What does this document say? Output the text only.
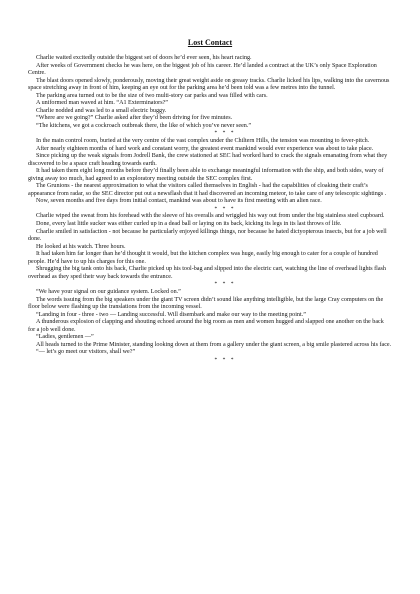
Lost Contact

Charlie waited excitedly outside the biggest set of doors he’d ever seen, his heart racing.

After weeks of Government checks he was here, on the biggest job of his career. He’d landed a contract at the UK’s only Space Exploration Centre.

The blast doors opened slowly, ponderously, moving their great weight aside on greasy tracks. Charlie licked his lips, walking into the cavernous space stretching away in front of him, keeping an eye out for the parking area he’d been told was a few metres into the tunnel.

The parking area turned out to be the size of two multi-story car parks and was filled with cars.

A uniformed man waved at him. “A1 Exterminators?”

Charlie nodded and was led to a small electric buggy.

“Where are we going?” Charlie asked after they’d been driving for five minutes.

“The kitchens, we got a cockroach outbreak there, the like of which you’ve never seen.”

* * *

In the main control room, buried at the very centre of the vast complex under the Chiltern Hills, the tension was mounting to fever-pitch.

After nearly eighteen months of hard work and constant worry, the greatest event mankind would ever experience was about to take place.

Since picking up the weak signals from Jodrell Bank, the crew stationed at SEC had worked hard to crack the signals emanating from what they discovered to be a space craft heading towards earth.

It had taken them eight long months before they’d finally been able to exchange meaningful information with the ship, and both sides, wary of giving away too much, had agreed to an exploratory meeting outside the SEC complex first.

The Grunions - the nearest approximation to what the visitors called themselves in English - had the capabilities of cloaking their craft’s appearance from radar, so the SEC director put out a newsflash that it had discovered an incoming meteor, to take care of any telescopic sightings .

Now, seven months and five days from initial contact, mankind was about to have its first meeting with an alien race.

* * *

Charlie wiped the sweat from his forehead with the sleeve of his overalls and wriggled his way out from under the big stainless steel cupboard.

Done, every last little sucker was either curled up in a dead ball or laying on its back, kicking its legs in its last throws of life.

Charlie smiled in satisfaction - not because he particularly enjoyed killings things, nor because he hated dictyopterous insects, but for a job well done.

He looked at his watch. Three hours.

It had taken him far longer than he’d thought it would, but the kitchen complex was huge, easily big enough to cater for a couple of hundred people. He’d have to up his charges for this one.

Shrugging the big tank onto his back, Charlie picked up his tool-bag and slipped into the electric cart, watching the line of overhead lights flash overhead as they sped their way back towards the entrance.

* * *

“We have your signal on our guidance system. Locked on.”

The words issuing from the big speakers under the giant TV screen didn’t sound like anything intelligible, but the large Cray computers on the floor below were flashing up the translations from the incoming vessel.

“Landing in four - three - two — Landing successful. Will disembark and make our way to the meeting point.”

A thunderous explosion of clapping and shouting echoed around the big room as men and women hugged and slapped one another on the back for a job well done.

“Ladies, gentlemen —”

All heads turned to the Prime Minister, standing looking down at them from a gallery under the giant screen, a big smile plastered across his face.

“— let’s go meet our visitors, shall we?”

* * *
